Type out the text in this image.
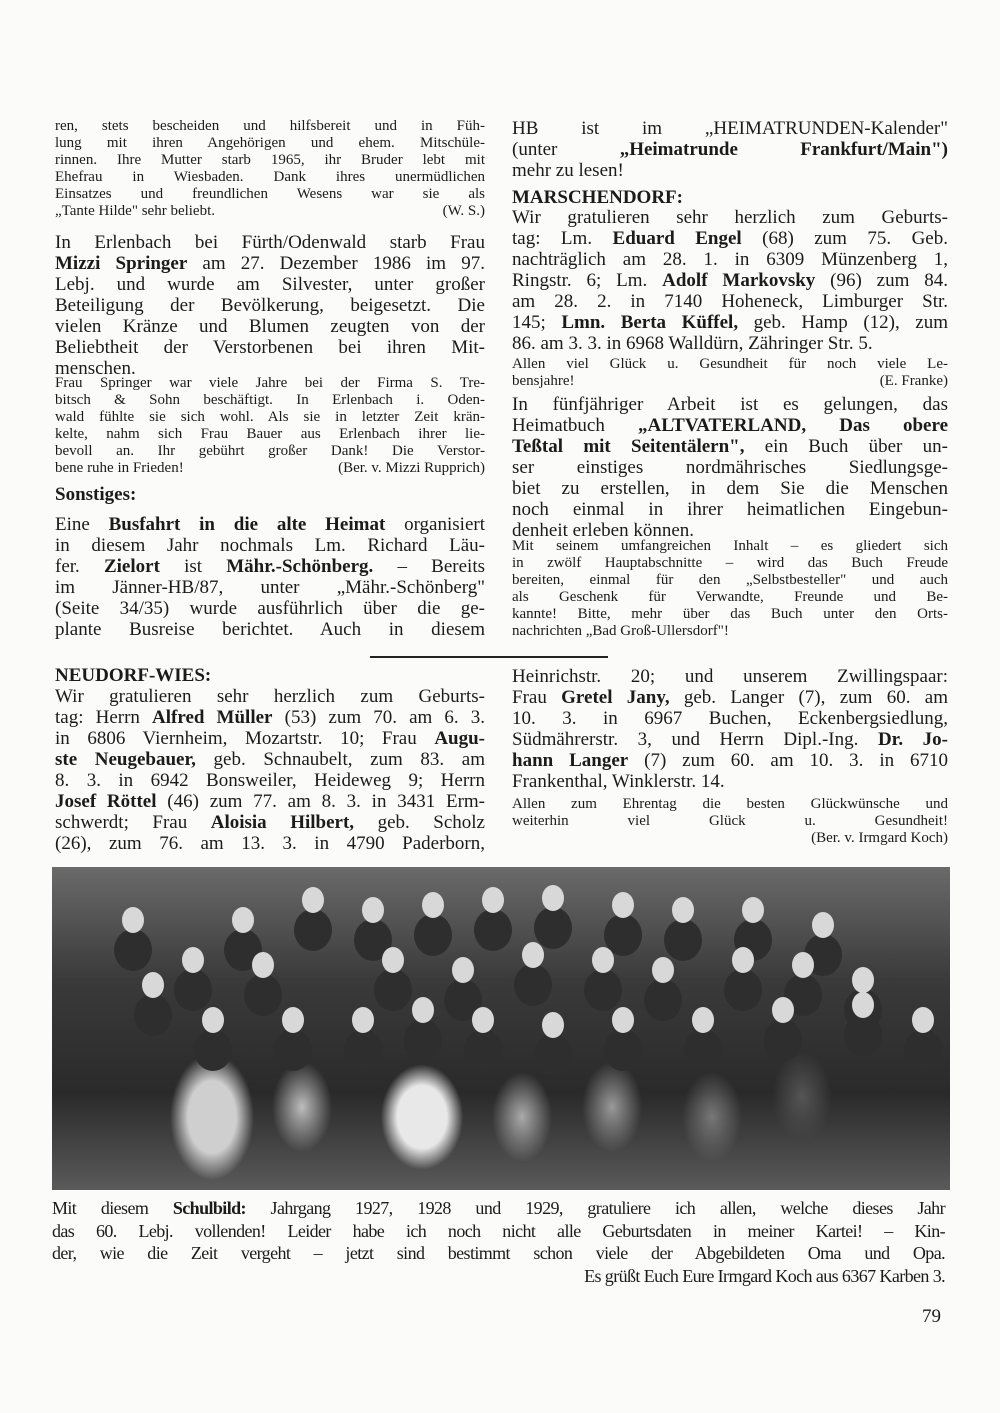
ren, stets bescheiden und hilfsbereit und in Füh-
lung mit ihren Angehörigen und ehem. Mitschüle-
rinnen. Ihre Mutter starb 1965, ihr Bruder lebt mit
Ehefrau in Wiesbaden. Dank ihres unermüdlichen
Einsatzes und freundlichen Wesens war sie als
„Tante Hilde" sehr beliebt.	(W. S.)
In Erlenbach bei Fürth/Odenwald starb Frau
Mizzi Springer am 27. Dezember 1986 im 97.
Lebj. und wurde am Silvester, unter großer
Beteiligung der Bevölkerung, beigesetzt. Die
vielen Kränze und Blumen zeugten von der
Beliebtheit der Verstorbenen bei ihren Mit-
menschen.
Frau Springer war viele Jahre bei der Firma S. Tre-
bitsch & Sohn beschäftigt. In Erlenbach i. Oden-
wald fühlte sie sich wohl. Als sie in letzter Zeit krän-
kelte, nahm sich Frau Bauer aus Erlenbach ihrer lie-
bevoll an. Ihr gebührt großer Dank! Die Verstor-
bene ruhe in Frieden!	(Ber. v. Mizzi Rupprich)
Sonstiges:
Eine Busfahrt in die alte Heimat organisiert
in diesem Jahr nochmals Lm. Richard Läu-
fer. Zielort ist Mähr.-Schönberg. – Bereits
im Jänner-HB/87, unter „Mähr.-Schönberg"
(Seite 34/35) wurde ausführlich über die ge-
plante Busreise berichtet. Auch in diesem
HB ist im „HEIMATRUNDEN-Kalender"
(unter „Heimatrunde Frankfurt/Main")
mehr zu lesen!
MARSCHENDORF:
Wir gratulieren sehr herzlich zum Geburts-
tag: Lm. Eduard Engel (68) zum 75. Geb.
nachträglich am 28. 1. in 6309 Münzenberg 1,
Ringstr. 6; Lm. Adolf Markovsky (96) zum 84.
am 28. 2. in 7140 Hoheneck, Limburger Str.
145; Lmn. Berta Küffel, geb. Hamp (12), zum
86. am 3. 3. in 6968 Walldürn, Zähringer Str. 5.
Allen viel Glück u. Gesundheit für noch viele Le-
bensjahre!	(E. Franke)
In fünfjähriger Arbeit ist es gelungen, das
Heimatbuch „ALTVATERLAND, Das obere
Teßtal mit Seitentälern", ein Buch über un-
ser einstiges nordmährisches Siedlungsge-
biet zu erstellen, in dem Sie die Menschen
noch einmal in ihrer heimatlichen Eingebun-
denheit erleben können.
Mit seinem umfangreichen Inhalt – es gliedert sich
in zwölf Hauptabschnitte – wird das Buch Freude
bereiten, einmal für den „Selbstbesteller" und auch
als Geschenk für Verwandte, Freunde und Be-
kannte! Bitte, mehr über das Buch unter den Orts-
nachrichten „Bad Groß-Ullersdorf"!
NEUDORF-WIES:
Wir gratulieren sehr herzlich zum Geburts-
tag: Herrn Alfred Müller (53) zum 70. am 6. 3.
in 6806 Viernheim, Mozartstr. 10; Frau Augu-
ste Neugebauer, geb. Schnaubelt, zum 83. am
8. 3. in 6942 Bonsweiler, Heideweg 9; Herrn
Josef Röttel (46) zum 77. am 8. 3. in 3431 Erm-
schwerdt; Frau Aloisia Hilbert, geb. Scholz
(26), zum 76. am 13. 3. in 4790 Paderborn,
Heinrichstr. 20; und unserem Zwillingspaar:
Frau Gretel Jany, geb. Langer (7), zum 60. am
10. 3. in 6967 Buchen, Eckenbergsiedlung,
Südmährerstr. 3, und Herrn Dipl.-Ing. Dr. Jo-
hann Langer (7) zum 60. am 10. 3. in 6710
Frankenthal, Winklerstr. 14.
Allen zum Ehrentag die besten Glückwünsche und
weiterhin viel Glück u. Gesundheit!
(Ber. v. Irmgard Koch)
Mit diesem Schulbild: Jahrgang 1927, 1928 und 1929, gratuliere ich allen, welche dieses Jahr
das 60. Lebj. vollenden! Leider habe ich noch nicht alle Geburtsdaten in meiner Kartei! – Kin-
der, wie die Zeit vergeht – jetzt sind bestimmt schon viele der Abgebildeten Oma und Opa.
Es grüßt Euch Eure Irmgard Koch aus 6367 Karben 3.
79
